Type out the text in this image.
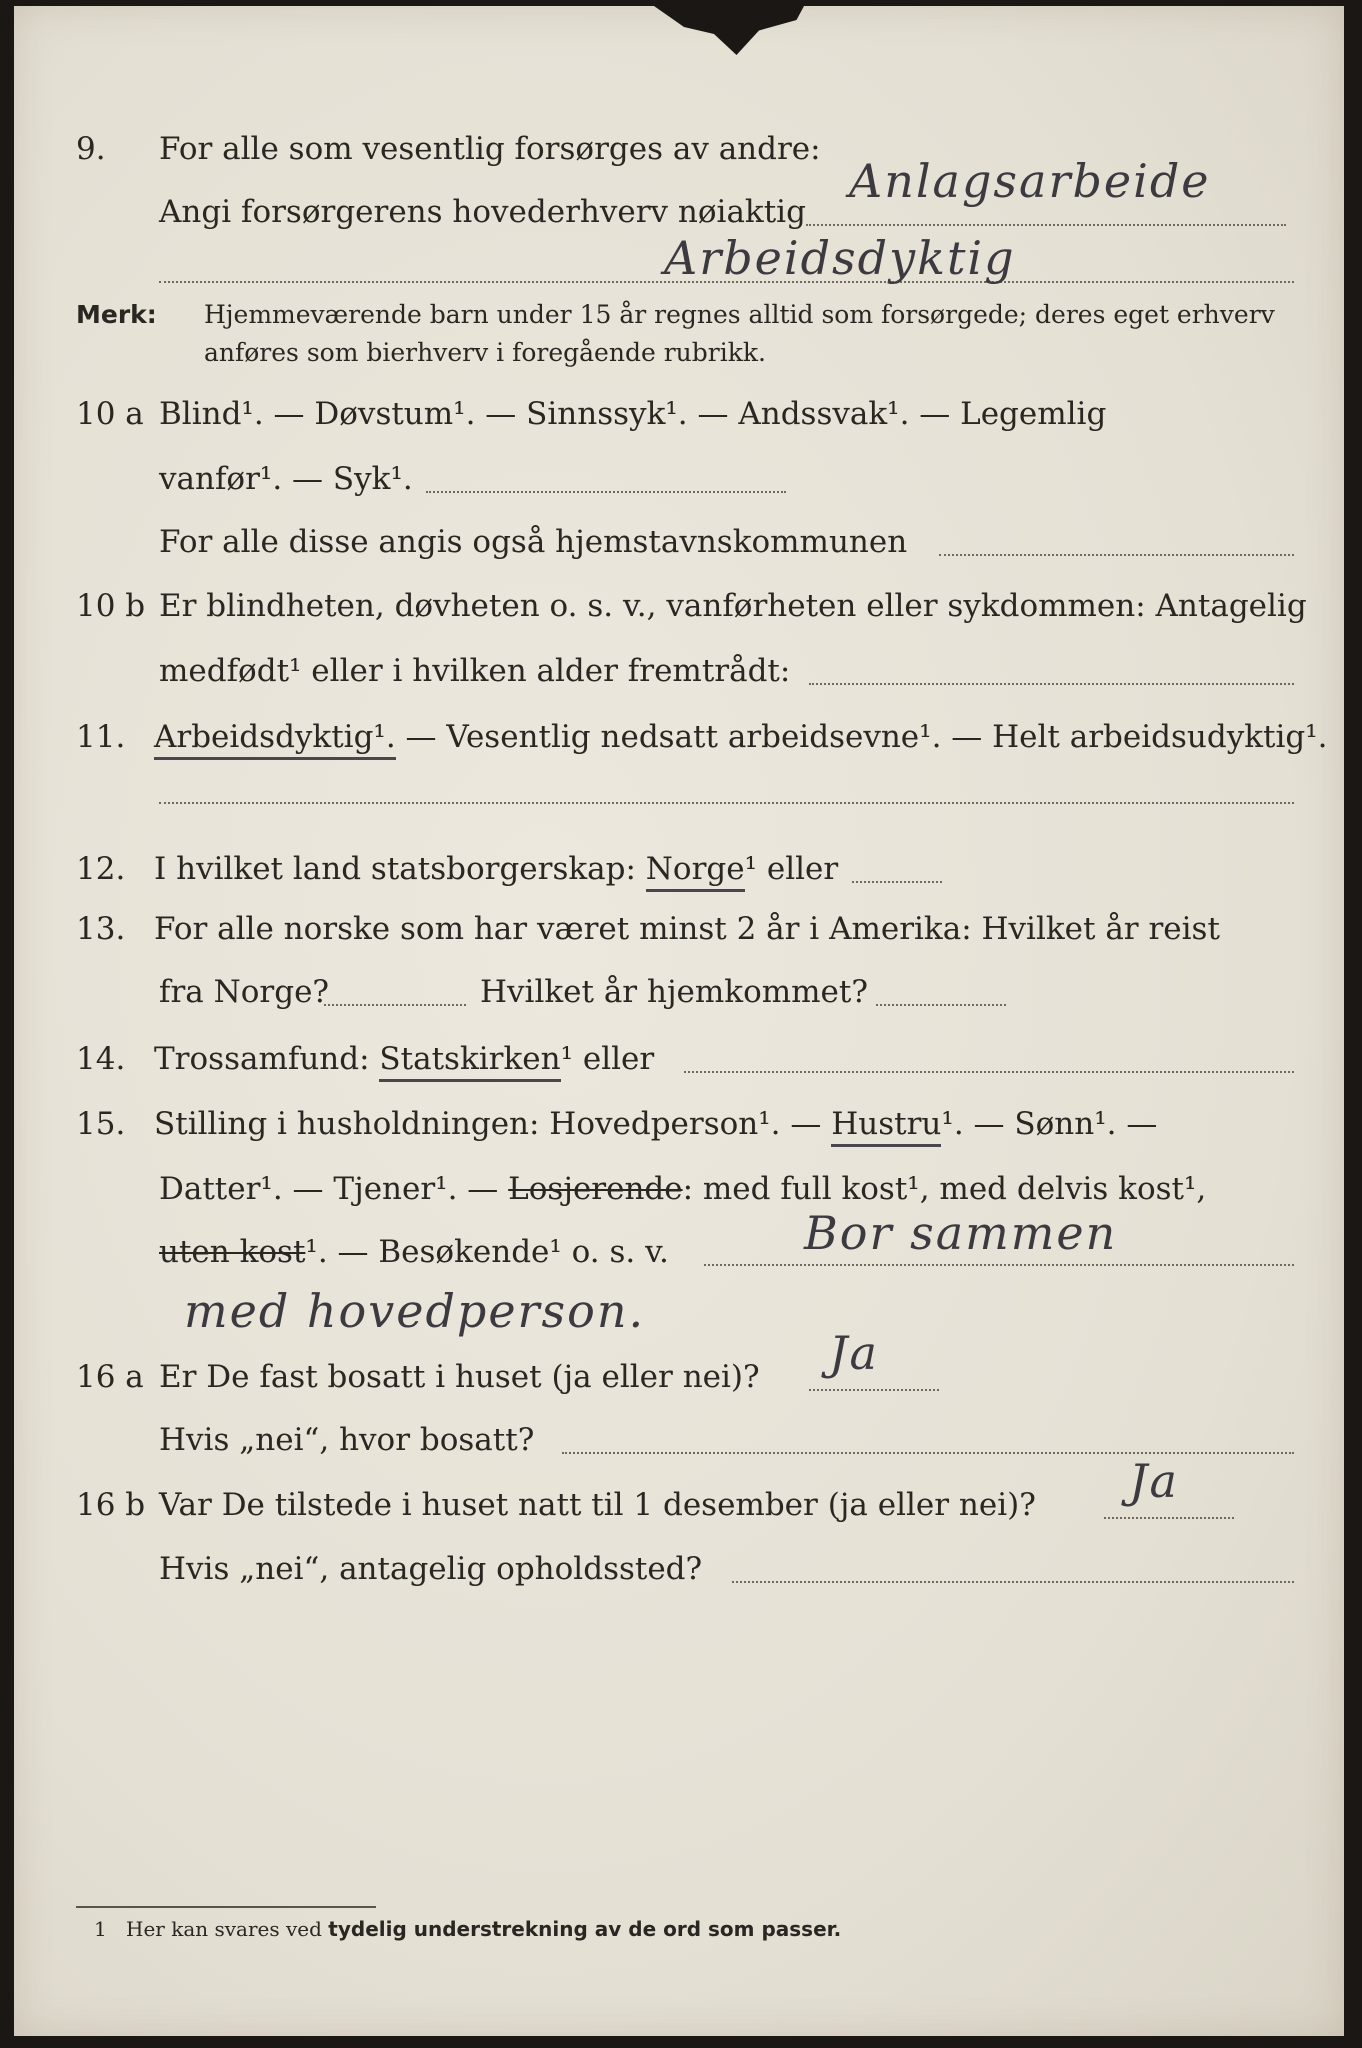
9. For alle som vesentlig forsørges av andre:
Angi forsørgerens hovederhverv nøiaktig
Anlagsarbeide
Arbeidsdyktig
Merk: Hjemmeværende barn under 15 år regnes alltid som forsørgede; deres eget erhverv
anføres som bierhverv i foregående rubrikk.
10 a Blind¹. — Døvstum¹. — Sinnssyk¹. — Andssvak¹. — Legemlig
vanfør¹. — Syk¹.
For alle disse angis også hjemstavnskommunen
10 b Er blindheten, døvheten o. s. v., vanførheten eller sykdommen: Antagelig
medfødt¹ eller i hvilken alder fremtrådt:
11. Arbeidsdyktig¹. — Vesentlig nedsatt arbeidsevne¹. — Helt arbeidsudyktig¹.
12. I hvilket land statsborgerskap: Norge¹ eller
13. For alle norske som har været minst 2 år i Amerika: Hvilket år reist
fra Norge?	Hvilket år hjemkommet?
14. Trossamfund: Statskirken¹ eller
15. Stilling i husholdningen: Hovedperson¹. — Hustru¹. — Sønn¹. —
Datter¹. — Tjener¹. — Losjerende: med full kost¹, med delvis kost¹,
uten kost¹. — Besøkende¹ o. s. v.	Bor sammen
med hovedperson.
16 a Er De fast bosatt i huset (ja eller nei)? Ja
Hvis „nei“, hvor bosatt?
16 b Var De tilstede i huset natt til 1 desember (ja eller nei)? Ja
Hvis „nei“, antagelig opholdssted?
1 Her kan svares ved tydelig understrekning av de ord som passer.
